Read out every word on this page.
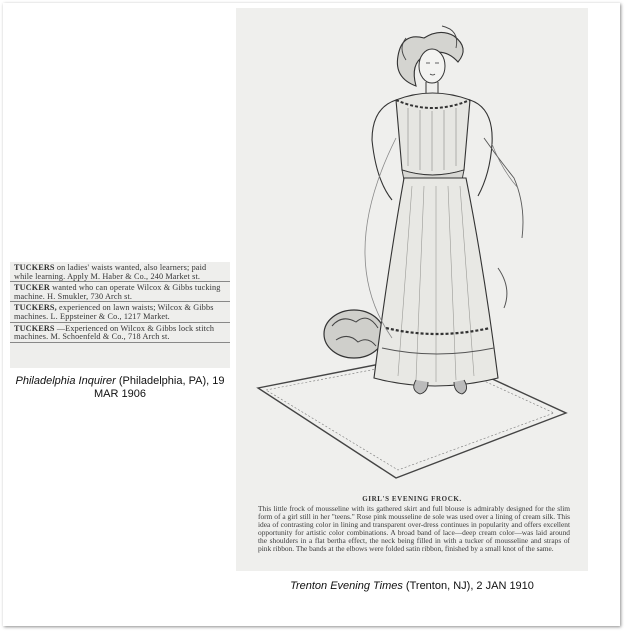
TUCKERS on ladies' waists wanted, also learners; paid while learning. Apply M. Haber & Co., 240 Market st.
TUCKER wanted who can operate Wilcox & Gibbs tucking machine. H. Smukler, 730 Arch st.
TUCKERS, experienced on lawn waists; Wilcox & Gibbs machines. L. Eppsteiner & Co., 1217 Market.
TUCKERS —Experienced on Wilcox & Gibbs lock stitch machines. M. Schoenfeld & Co., 718 Arch st.
Philadelphia Inquirer (Philadelphia, PA), 19 MAR 1906
GIRL'S EVENING FROCK.
This little frock of mousseline with its gathered skirt and full blouse is admirably designed for the slim form of a girl still in her "teens." Rose pink mousseline de sole was used over a lining of cream silk. This idea of contrasting color in lining and transparent over-dress continues in popularity and offers excellent opportunity for artistic color combinations. A broad band of lace—deep cream color—was laid around the shoulders in a flat bertha effect, the neck being filled in with a tucker of mousseline and straps of pink ribbon. The bands at the elbows were folded satin ribbon, finished by a small knot of the same.
Trenton Evening Times (Trenton, NJ), 2 JAN 1910
